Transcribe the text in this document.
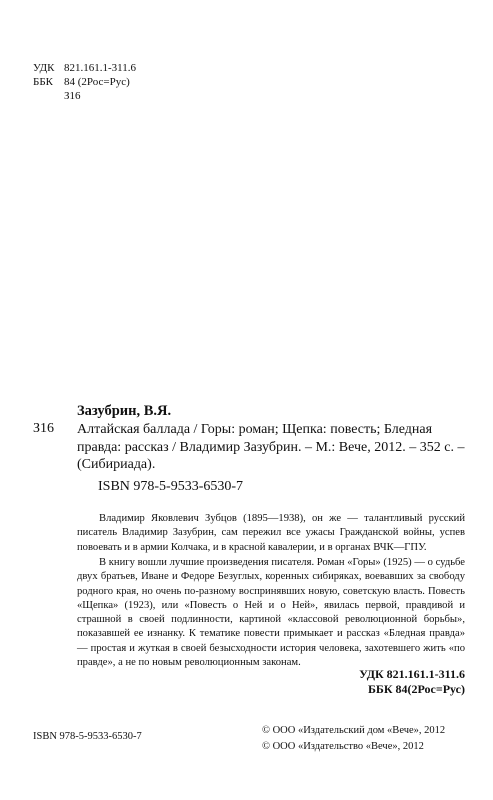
УДК 821.161.1-311.6
ББК 84 (2Рос=Рус)
З16
Зазубрин, В.Я.
З16 Алтайская баллада / Горы: роман; Щепка: повесть; Бледная правда: рассказ / Владимир Зазубрин. – М.: Вече, 2012. – 352 с. – (Сибириада).
ISBN 978-5-9533-6530-7
Владимир Яковлевич Зубцов (1895—1938), он же — талантливый русский писатель Владимир Зазубрин, сам пережил все ужасы Гражданской войны, успев повоевать и в армии Колчака, и в красной кавалерии, и в органах ВЧК—ГПУ.
В книгу вошли лучшие произведения писателя. Роман «Горы» (1925) — о судьбе двух братьев, Иване и Федоре Безуглых, коренных сибиряках, воевавших за свободу родного края, но очень по-разному воспринявших новую, советскую власть. Повесть «Щепка» (1923), или «Повесть о Ней и о Ней», явилась первой, правдивой и страшной в своей подлинности, картиной «классовой революционной борьбы», показавшей ее изнанку. К тематике повести примыкает и рассказ «Бледная правда» — простая и жуткая в своей безысходности история человека, захотевшего жить «по правде», а не по новым революционным законам.
УДК 821.161.1-311.6
ББК 84(2Рос=Рус)
ISBN 978-5-9533-6530-7
© ООО «Издательский дом «Вече», 2012
© ООО «Издательство «Вече», 2012
